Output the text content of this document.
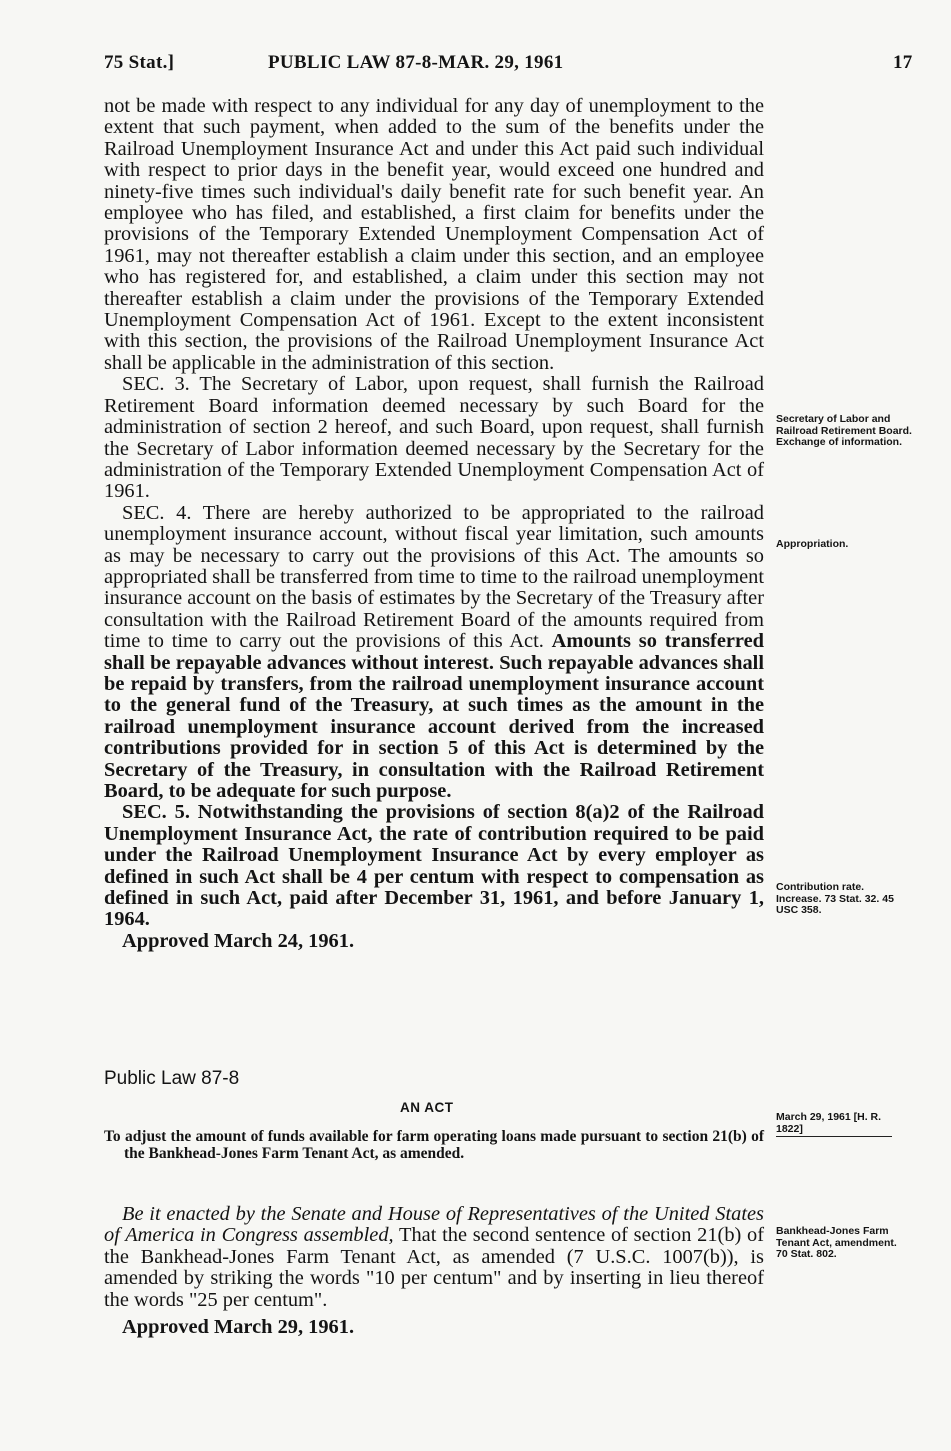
75 Stat.]	PUBLIC LAW 87-8-MAR. 29, 1961	17

not be made with respect to any individual for any day of unemployment to the extent that such payment, when added to the sum of the benefits under the Railroad Unemployment Insurance Act and under this Act paid such individual with respect to prior days in the benefit year, would exceed one hundred and ninety-five times such individual's daily benefit rate for such benefit year. An employee who has filed, and established, a first claim for benefits under the provisions of the Temporary Extended Unemployment Compensation Act of 1961, may not thereafter establish a claim under this section, and an employee who has registered for, and established, a claim under this section may not thereafter establish a claim under the provisions of the Temporary Extended Unemployment Compensation Act of 1961. Except to the extent inconsistent with this section, the provisions of the Railroad Unemployment Insurance Act shall be applicable in the administration of this section.

SEC. 3. The Secretary of Labor, upon request, shall furnish the Railroad Retirement Board information deemed necessary by such Board for the administration of section 2 hereof, and such Board, upon request, shall furnish the Secretary of Labor information deemed necessary by the Secretary for the administration of the Temporary Extended Unemployment Compensation Act of 1961.

SEC. 4. There are hereby authorized to be appropriated to the railroad unemployment insurance account, without fiscal year limitation, such amounts as may be necessary to carry out the provisions of this Act. The amounts so appropriated shall be transferred from time to time to the railroad unemployment insurance account on the basis of estimates by the Secretary of the Treasury after consultation with the Railroad Retirement Board of the amounts required from time to time to carry out the provisions of this Act. Amounts so transferred shall be repayable advances without interest. Such repayable advances shall be repaid by transfers, from the railroad unemployment insurance account to the general fund of the Treasury, at such times as the amount in the railroad unemployment insurance account derived from the increased contributions provided for in section 5 of this Act is determined by the Secretary of the Treasury, in consultation with the Railroad Retirement Board, to be adequate for such purpose.

SEC. 5. Notwithstanding the provisions of section 8(a)2 of the Railroad Unemployment Insurance Act, the rate of contribution required to be paid under the Railroad Unemployment Insurance Act by every employer as defined in such Act shall be 4 per centum with respect to compensation as defined in such Act, paid after December 31, 1961, and before January 1, 1964.

Approved March 24, 1961.

Secretary of Labor and Railroad Retirement Board. Exchange of information.
Appropriation.
Contribution rate. Increase. 73 Stat. 32. 45 USC 358.
March 29, 1961 [H. R. 1822]
Bankhead-Jones Farm Tenant Act, amendment. 70 Stat. 802.
Public Law 87-8
AN ACT
To adjust the amount of funds available for farm operating loans made pursuant to section 21(b) of the Bankhead-Jones Farm Tenant Act, as amended.

Be it enacted by the Senate and House of Representatives of the United States of America in Congress assembled, That the second sentence of section 21(b) of the Bankhead-Jones Farm Tenant Act, as amended (7 U.S.C. 1007(b)), is amended by striking the words "10 per centum" and by inserting in lieu thereof the words "25 per centum".

Approved March 29, 1961.
